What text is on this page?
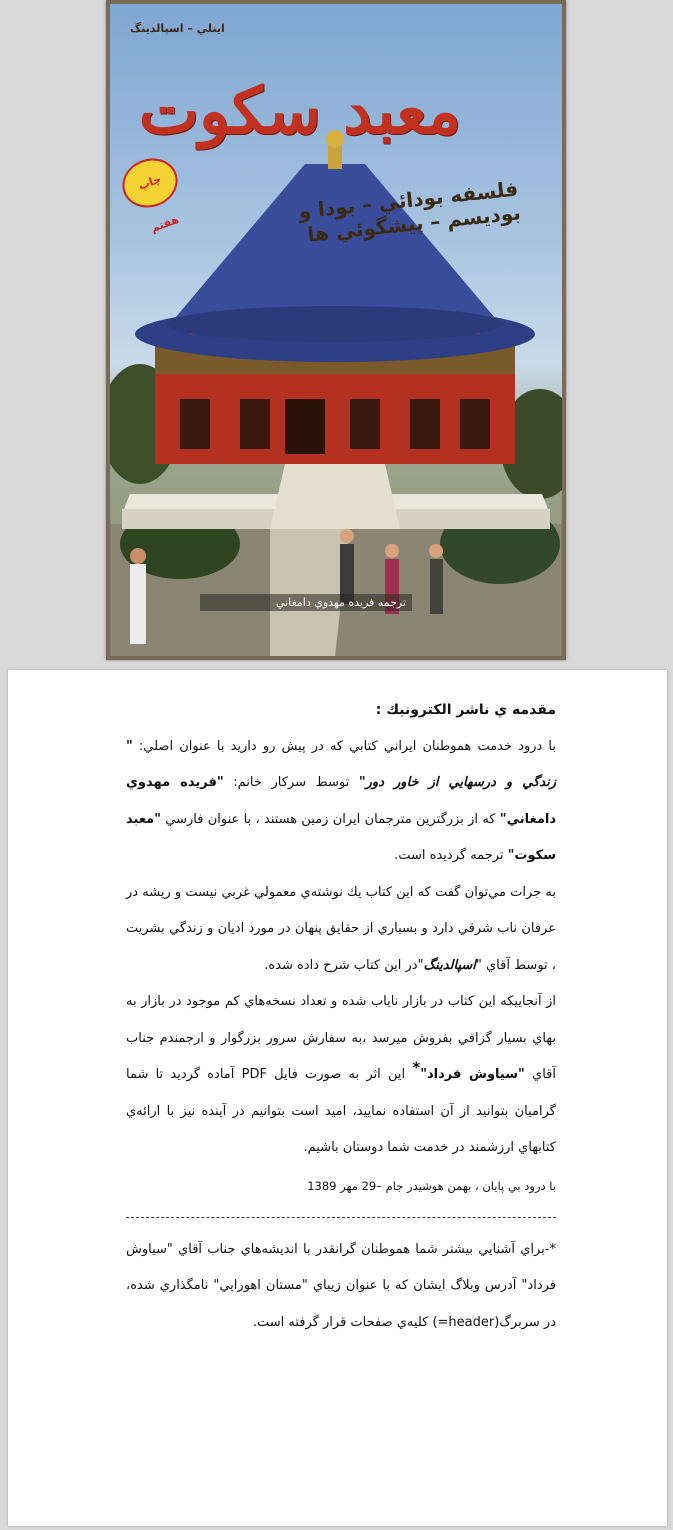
اينلي – اسپالدينگ
معبد سكوت
چاپ هفتم
فلسفه بودائي – بودا و بوديسم – پيشگوئي ها
ترجمه فريده مهدوي دامغاني

مقدمه ي ناشر الكترونيك :

با درود خدمت هموطنان ايراني كتابي كه در پيش رو داريد با عنوان اصلي: " زندگي و درسهايي از خاور دور" توسط سركار خانم: "فريده مهدوي دامغاني" كه از بزرگترين مترجمان ايران زمين هستند ، با عنوان فارسي "معبد سكوت" ترجمه گرديده است.

به جرات مي‌توان گفت كه اين كتاب يك نوشته‌ي معمولي غربي نيست و ريشه در عرفان ناب شرقي دارد و بسياري از حقايق پنهان در مورد اديان و زندگي بشريت ، توسط آقاي "اسپالدينگ"در اين كتاب شرح داده شده.

از آنجاييكه اين كتاب در بازار ناياب شده و تعداد نسخه‌هاي كم موجود در بازار به بهاي بسيار گزافي بفروش ميرسد ،به سفارش سرور بزرگوار و ارجمندم جناب آقاي "سياوش فرداد"* اين اثر به صورت فايل PDF آماده گرديد تا شما گراميان بتوانيد از آن استفاده نماييد، اميد است بتوانيم در آينده نيز با ارائه‌ي كتابهاي ارزشمند در خدمت شما دوستان باشيم.

با درود بي پايان ، بهمن هوشيدر جام –29 مهر 1389

*-براي آشنايي بيشتر شما هموطنان گرانقدر با انديشه‌هاي جناب آقاي "سياوش فرداد" آدرس وبلاگ ايشان كه با عنوان زيباي "مستان اهورايي" نامگذاري شده، در سربرگ(header=) كليه‌ي صفحات قرار گرفته است.
